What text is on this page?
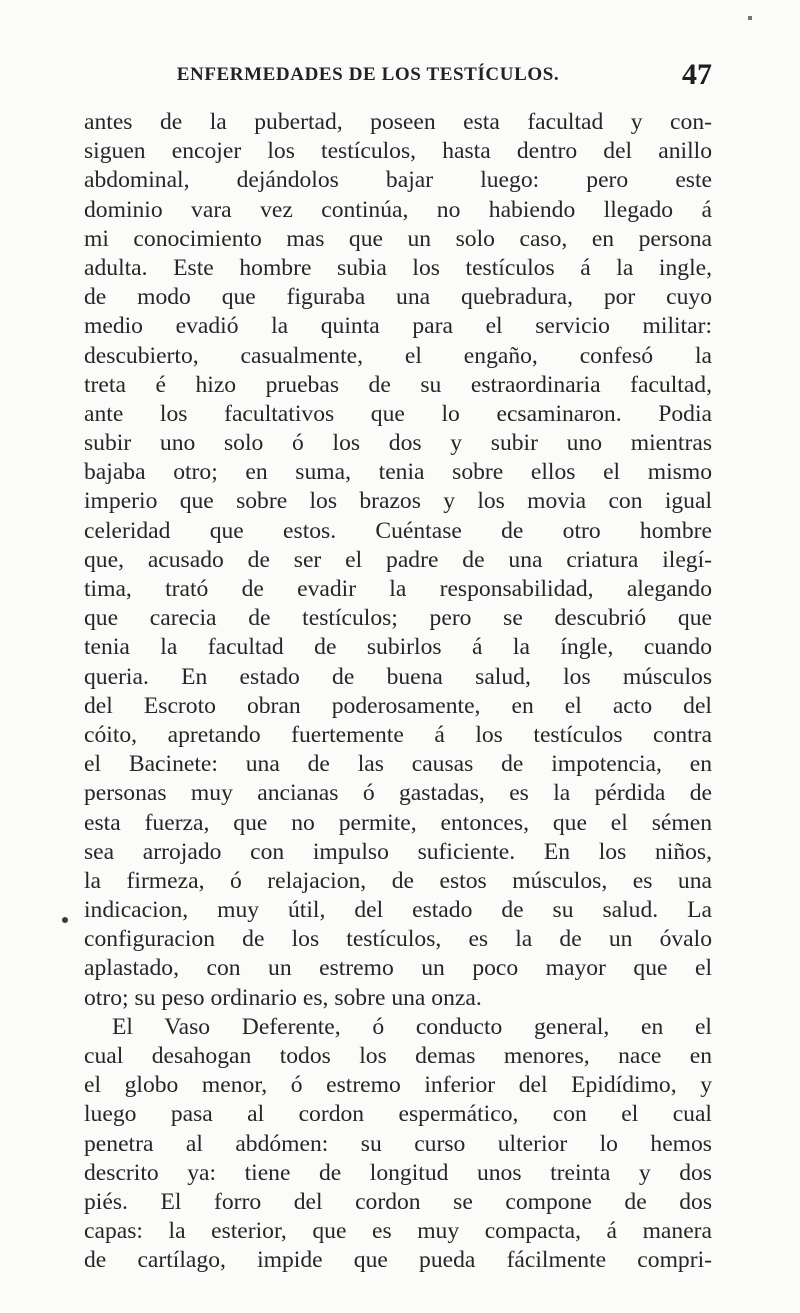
ENFERMEDADES DE LOS TESTÍCULOS.	47
antes de la pubertad, poseen esta facultad y con-
siguen encojer los testículos, hasta dentro del anillo
abdominal, dejándolos bajar luego: pero este
dominio vara vez continúa, no habiendo llegado á
mi conocimiento mas que un solo caso, en persona
adulta. Este hombre subia los testículos á la ingle,
de modo que figuraba una quebradura, por cuyo
medio evadió la quinta para el servicio militar:
descubierto, casualmente, el engaño, confesó la
treta é hizo pruebas de su estraordinaria facultad,
ante los facultativos que lo ecsaminaron. Podia
subir uno solo ó los dos y subir uno mientras
bajaba otro; en suma, tenia sobre ellos el mismo
imperio que sobre los brazos y los movia con igual
celeridad que estos. Cuéntase de otro hombre
que, acusado de ser el padre de una criatura ilegí-
tima, trató de evadir la responsabilidad, alegando
que carecia de testículos; pero se descubrió que
tenia la facultad de subirlos á la íngle, cuando
queria. En estado de buena salud, los músculos
del Escroto obran poderosamente, en el acto del
cóito, apretando fuertemente á los testículos contra
el Bacinete: una de las causas de impotencia, en
personas muy ancianas ó gastadas, es la pérdida de
esta fuerza, que no permite, entonces, que el sémen
sea arrojado con impulso suficiente. En los niños,
la firmeza, ó relajacion, de estos músculos, es una
indicacion, muy útil, del estado de su salud. La
configuracion de los testículos, es la de un óvalo
aplastado, con un estremo un poco mayor que el
otro; su peso ordinario es, sobre una onza.
El Vaso Deferente, ó conducto general, en el
cual desahogan todos los demas menores, nace en
el globo menor, ó estremo inferior del Epidídimo, y
luego pasa al cordon espermático, con el cual
penetra al abdómen: su curso ulterior lo hemos
descrito ya: tiene de longitud unos treinta y dos
piés. El forro del cordon se compone de dos
capas: la esterior, que es muy compacta, á manera
de cartílago, impide que pueda fácilmente compri-
